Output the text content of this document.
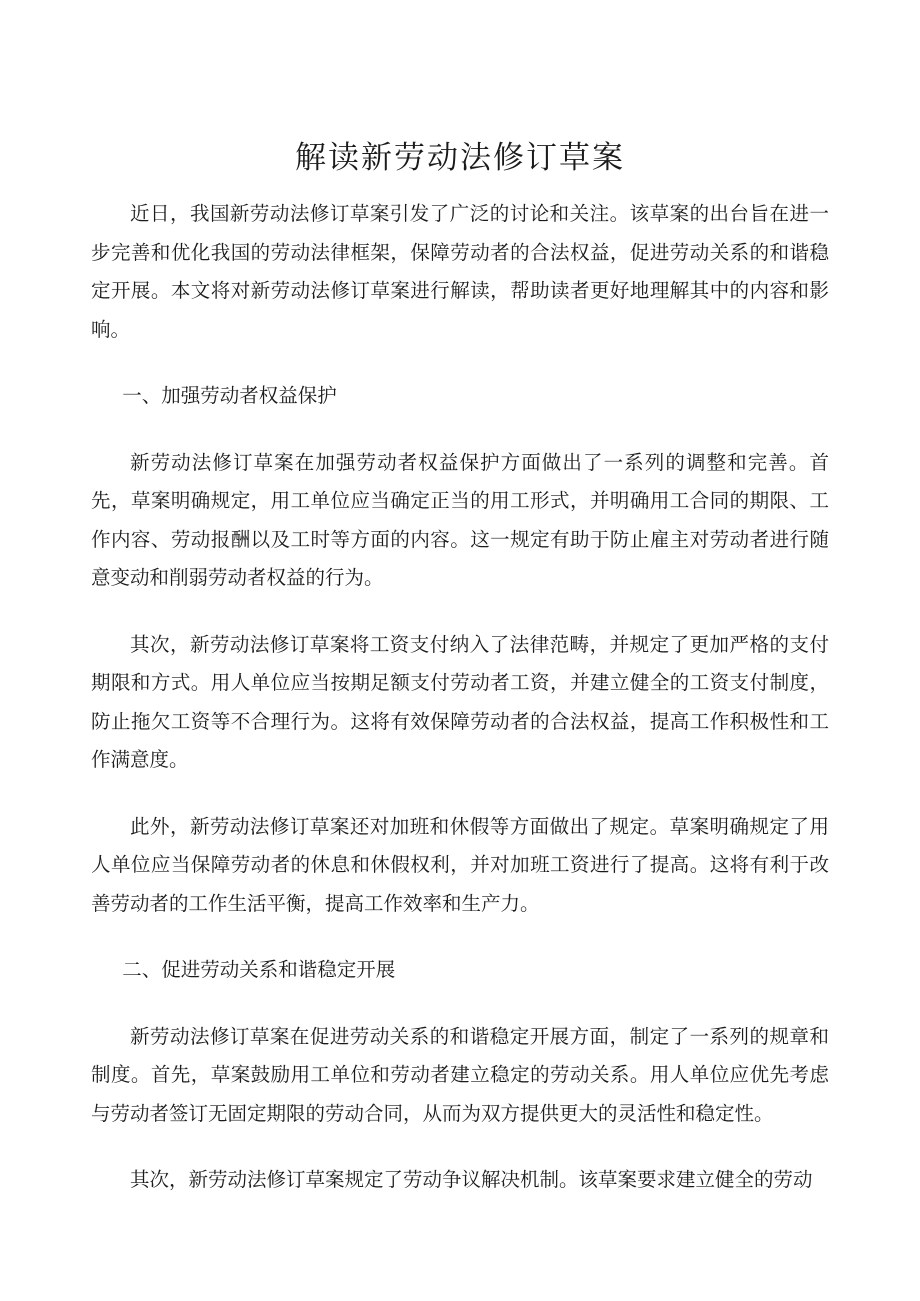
解读新劳动法修订草案

近日，我国新劳动法修订草案引发了广泛的讨论和关注。该草案的出台旨在进一步完善和优化我国的劳动法律框架，保障劳动者的合法权益，促进劳动关系的和谐稳定开展。本文将对新劳动法修订草案进行解读，帮助读者更好地理解其中的内容和影响。

一、加强劳动者权益保护

新劳动法修订草案在加强劳动者权益保护方面做出了一系列的调整和完善。首先，草案明确规定，用工单位应当确定正当的用工形式，并明确用工合同的期限、工作内容、劳动报酬以及工时等方面的内容。这一规定有助于防止雇主对劳动者进行随意变动和削弱劳动者权益的行为。

其次，新劳动法修订草案将工资支付纳入了法律范畴，并规定了更加严格的支付期限和方式。用人单位应当按期足额支付劳动者工资，并建立健全的工资支付制度，防止拖欠工资等不合理行为。这将有效保障劳动者的合法权益，提高工作积极性和工作满意度。

此外，新劳动法修订草案还对加班和休假等方面做出了规定。草案明确规定了用人单位应当保障劳动者的休息和休假权利，并对加班工资进行了提高。这将有利于改善劳动者的工作生活平衡，提高工作效率和生产力。

二、促进劳动关系和谐稳定开展

新劳动法修订草案在促进劳动关系的和谐稳定开展方面，制定了一系列的规章和制度。首先，草案鼓励用工单位和劳动者建立稳定的劳动关系。用人单位应优先考虑与劳动者签订无固定期限的劳动合同，从而为双方提供更大的灵活性和稳定性。

其次，新劳动法修订草案规定了劳动争议解决机制。该草案要求建立健全的劳动
